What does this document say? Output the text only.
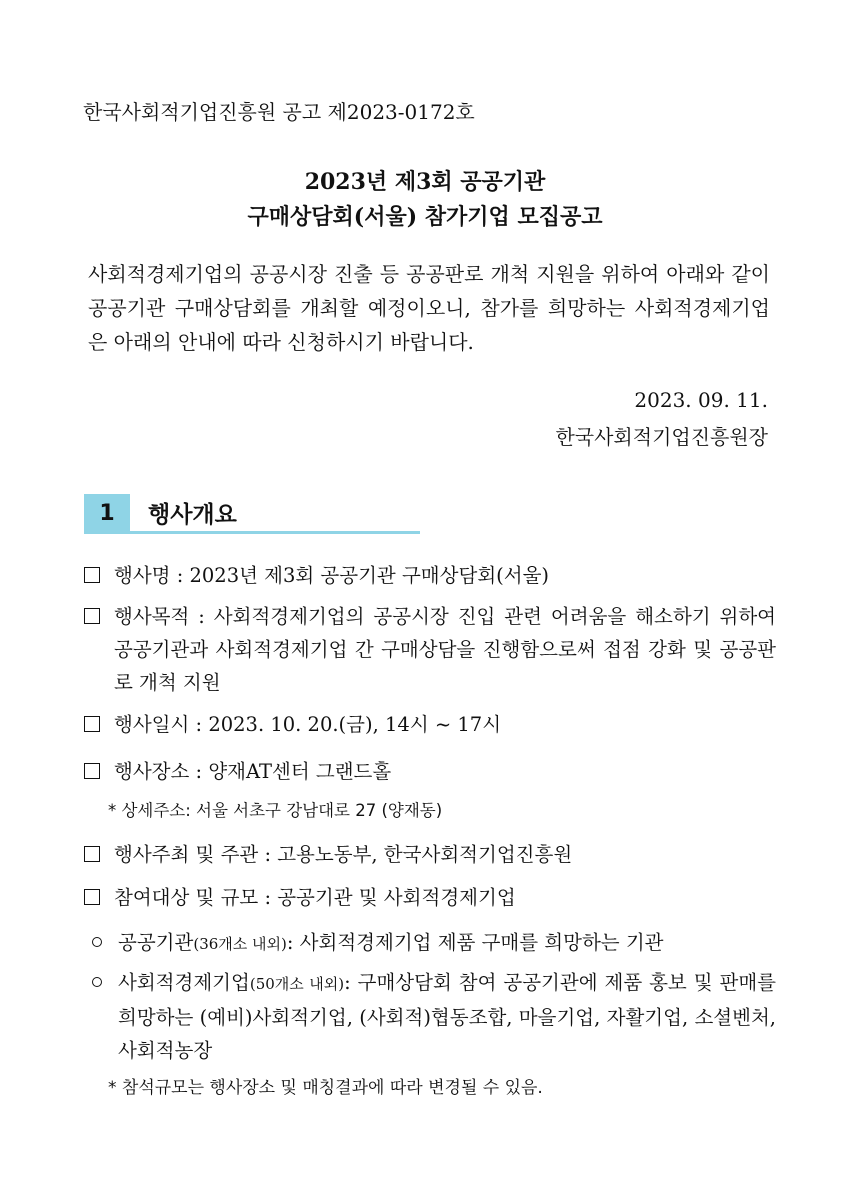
한국사회적기업진흥원 공고 제2023-0172호
2023년 제3회 공공기관
구매상담회(서울) 참가기업 모집공고
사회적경제기업의 공공시장 진출 등 공공판로 개척 지원을 위하여 아래와 같이 공공기관 구매상담회를 개최할 예정이오니, 참가를 희망하는 사회적경제기업은 아래의 안내에 따라 신청하시기 바랍니다.
2023. 09. 11.
한국사회적기업진흥원장
1	행사개요
행사명 : 2023년 제3회 공공기관 구매상담회(서울)
행사목적 : 사회적경제기업의 공공시장 진입 관련 어려움을 해소하기 위하여 공공기관과 사회적경제기업 간 구매상담을 진행함으로써 접점 강화 및 공공판로 개척 지원
행사일시 : 2023. 10. 20.(금), 14시 ~ 17시
행사장소 : 양재AT센터 그랜드홀
* 상세주소: 서울 서초구 강남대로 27 (양재동)
행사주최 및 주관 : 고용노동부, 한국사회적기업진흥원
참여대상 및 규모 : 공공기관 및 사회적경제기업
공공기관(36개소 내외): 사회적경제기업 제품 구매를 희망하는 기관
사회적경제기업(50개소 내외): 구매상담회 참여 공공기관에 제품 홍보 및 판매를 희망하는 (예비)사회적기업, (사회적)협동조합, 마을기업, 자활기업, 소셜벤처, 사회적농장
* 참석규모는 행사장소 및 매칭결과에 따라 변경될 수 있음.
